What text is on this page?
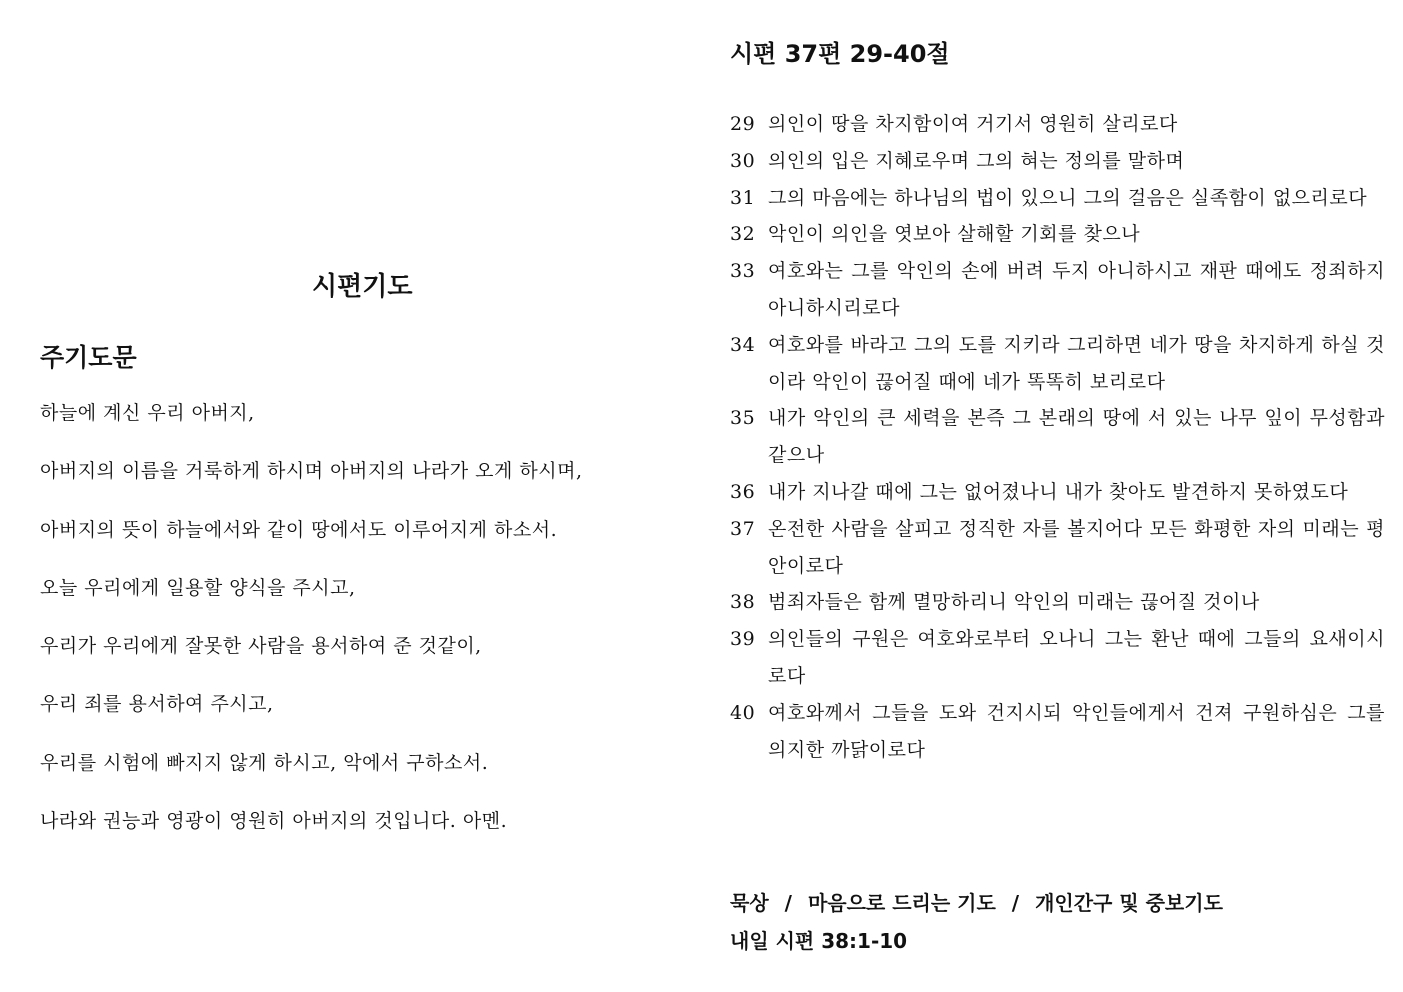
시편기도
주기도문
하늘에 계신 우리 아버지,
아버지의 이름을 거룩하게 하시며 아버지의 나라가 오게 하시며,
아버지의 뜻이 하늘에서와 같이 땅에서도 이루어지게 하소서.
오늘 우리에게 일용할 양식을 주시고,
우리가 우리에게 잘못한 사람을 용서하여 준 것같이,
우리 죄를 용서하여 주시고,
우리를 시험에 빠지지 않게 하시고, 악에서 구하소서.
나라와 권능과 영광이 영원히 아버지의 것입니다. 아멘.
시편 37편 29-40절
29 의인이 땅을 차지함이여 거기서 영원히 살리로다
30 의인의 입은 지혜로우며 그의 혀는 정의를 말하며
31 그의 마음에는 하나님의 법이 있으니 그의 걸음은 실족함이 없으리로다
32 악인이 의인을 엿보아 살해할 기회를 찾으나
33 여호와는 그를 악인의 손에 버려 두지 아니하시고 재판 때에도 정죄하지 아니하시리로다
34 여호와를 바라고 그의 도를 지키라 그리하면 네가 땅을 차지하게 하실 것이라 악인이 끊어질 때에 네가 똑똑히 보리로다
35 내가 악인의 큰 세력을 본즉 그 본래의 땅에 서 있는 나무 잎이 무성함과 같으나
36 내가 지나갈 때에 그는 없어졌나니 내가 찾아도 발견하지 못하였도다
37 온전한 사람을 살피고 정직한 자를 볼지어다 모든 화평한 자의 미래는 평안이로다
38 범죄자들은 함께 멸망하리니 악인의 미래는 끊어질 것이나
39 의인들의 구원은 여호와로부터 오나니 그는 환난 때에 그들의 요새이시로다
40 여호와께서 그들을 도와 건지시되 악인들에게서 건져 구원하심은 그를 의지한 까닭이로다
묵상 / 마음으로 드리는 기도 / 개인간구 및 중보기도
내일 시편 38:1-10
